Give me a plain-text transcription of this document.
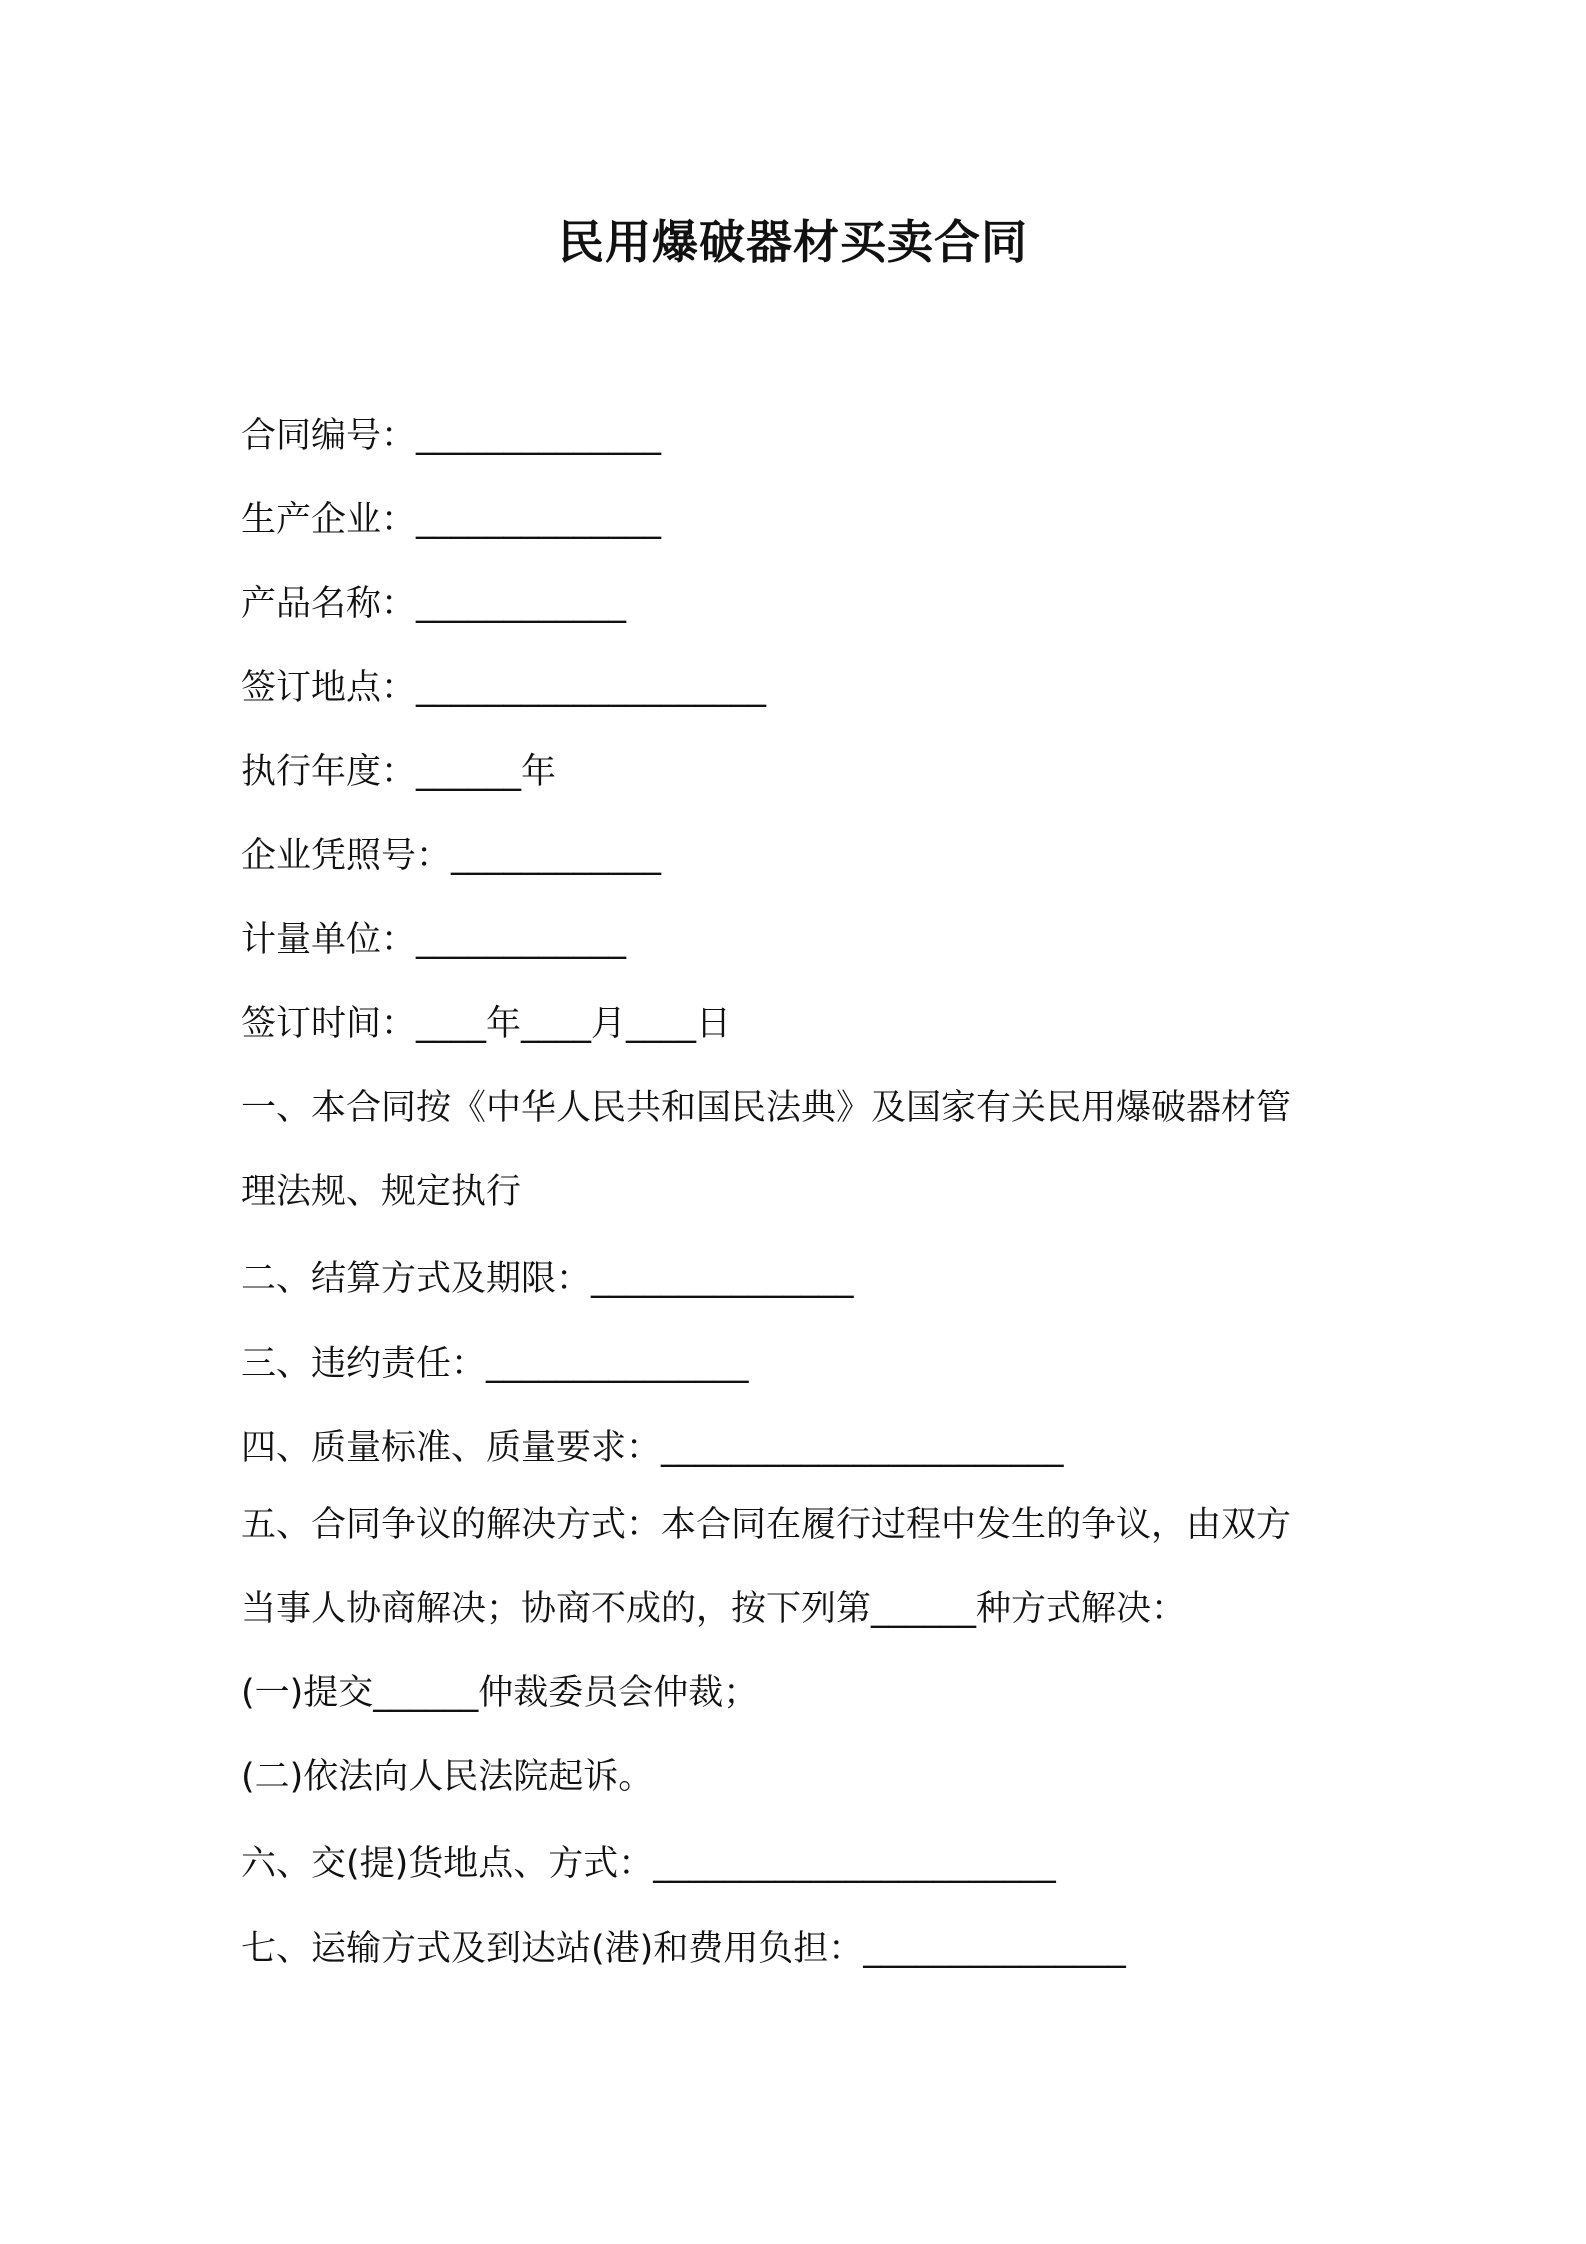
民用爆破器材买卖合同
合同编号：______________
生产企业：______________
产品名称：____________
签订地点：____________________
执行年度：______年
企业凭照号：____________
计量单位：____________
签订时间：____年____月____日
一、本合同按《中华人民共和国民法典》及国家有关民用爆破器材管
理法规、规定执行
二、结算方式及期限：_______________
三、违约责任：_______________
四、质量标准、质量要求：_______________________
五、合同争议的解决方式：本合同在履行过程中发生的争议，由双方
当事人协商解决；协商不成的，按下列第______种方式解决：
(一)提交______仲裁委员会仲裁；
(二)依法向人民法院起诉。
六、交(提)货地点、方式：_______________________
七、运输方式及到达站(港)和费用负担：_______________
